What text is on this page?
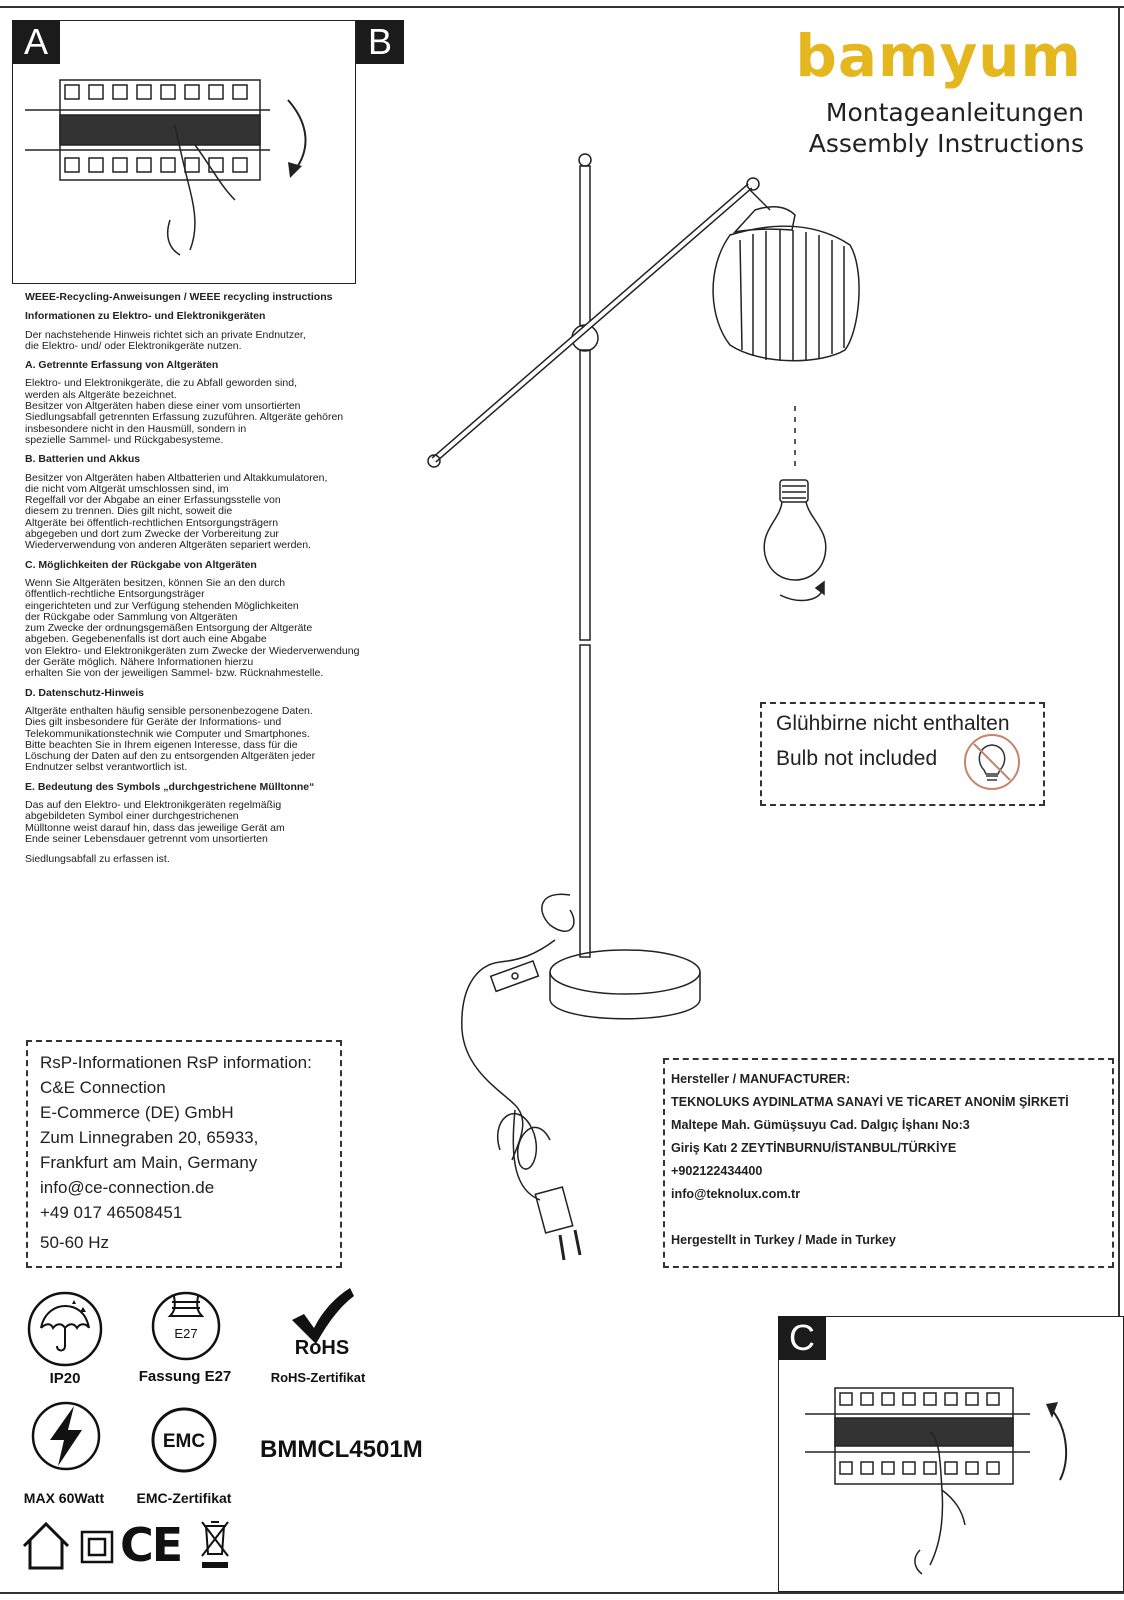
A	B	bamyum
Montageanleitungen
Assembly Instructions
WEEE-Recycling-Anweisungen / WEEE recycling instructions
Informationen zu Elektro- und Elektronikgeräten

Der nachstehende Hinweis richtet sich an private Endnutzer,
die Elektro- und/ oder Elektronikgeräte nutzen.

A. Getrennte Erfassung von Altgeräten

Elektro- und Elektronikgeräte, die zu Abfall geworden sind,
werden als Altgeräte bezeichnet.
Besitzer von Altgeräten haben diese einer vom unsortierten
Siedlungsabfall getrennten Erfassung zuzuführen. Altgeräte gehören
insbesondere nicht in den Hausmüll, sondern in
spezielle Sammel- und Rückgabesysteme.

B. Batterien und Akkus

Besitzer von Altgeräten haben Altbatterien und Altakkumulatoren,
die nicht vom Altgerät umschlossen sind, im
Regelfall vor der Abgabe an einer Erfassungsstelle von
diesem zu trennen. Dies gilt nicht, soweit die
Altgeräte bei öffentlich-rechtlichen Entsorgungsträgern
abgegeben und dort zum Zwecke der Vorbereitung zur
Wiederverwendung von anderen Altgeräten separiert werden.

C. Möglichkeiten der Rückgabe von Altgeräten

Wenn Sie Altgeräten besitzen, können Sie an den durch
öffentlich-rechtliche Entsorgungsträger
eingerichteten und zur Verfügung stehenden Möglichkeiten
der Rückgabe oder Sammlung von Altgeräten
zum Zwecke der ordnungsgemäßen Entsorgung der Altgeräte
abgeben. Gegebenenfalls ist dort auch eine Abgabe
von Elektro- und Elektronikgeräten zum Zwecke der Wiederverwendung
der Geräte möglich. Nähere Informationen hierzu
erhalten Sie von der jeweiligen Sammel- bzw. Rücknahmestelle.

D. Datenschutz-Hinweis

Altgeräte enthalten häufig sensible personenbezogene Daten.
Dies gilt insbesondere für Geräte der Informations- und
Telekommunikationstechnik wie Computer und Smartphones.
Bitte beachten Sie in Ihrem eigenen Interesse, dass für die
Löschung der Daten auf den zu entsorgenden Altgeräten jeder
Endnutzer selbst verantwortlich ist.

E. Bedeutung des Symbols „durchgestrichene Mülltonne“

Das auf den Elektro- und Elektronikgeräten regelmäßig
abgebildeten Symbol einer durchgestrichenen
Mülltonne weist darauf hin, dass das jeweilige Gerät am
Ende seiner Lebensdauer getrennt vom unsortierten

Siedlungsabfall zu erfassen ist.

Glühbirne nicht enthalten
Bulb not included
RsP-Informationen RsP information:
C&E Connection
E-Commerce (DE) GmbH
Zum Linnegraben 20, 65933,
Frankfurt am Main, Germany
info@ce-connection.de
+49 017 46508451
50-60 Hz
Hersteller / MANUFACTURER:
TEKNOLUKS AYDINLATMA SANAYİ VE TİCARET ANONİM ŞİRKETİ
Maltepe Mah. Gümüşsuyu Cad. Dalgıç İşhanı No:3
Giriş Katı 2 ZEYTİNBURNU/İSTANBUL/TÜRKİYE
+902122434400
info@teknolux.com.tr
Hergestellt in Turkey / Made in Turkey
IP20
E27
Fassung E27
RoHS
RoHS-Zertifikat
MAX 60Watt
EMC
EMC-Zertifikat
BMMCL4501M
CE
C
